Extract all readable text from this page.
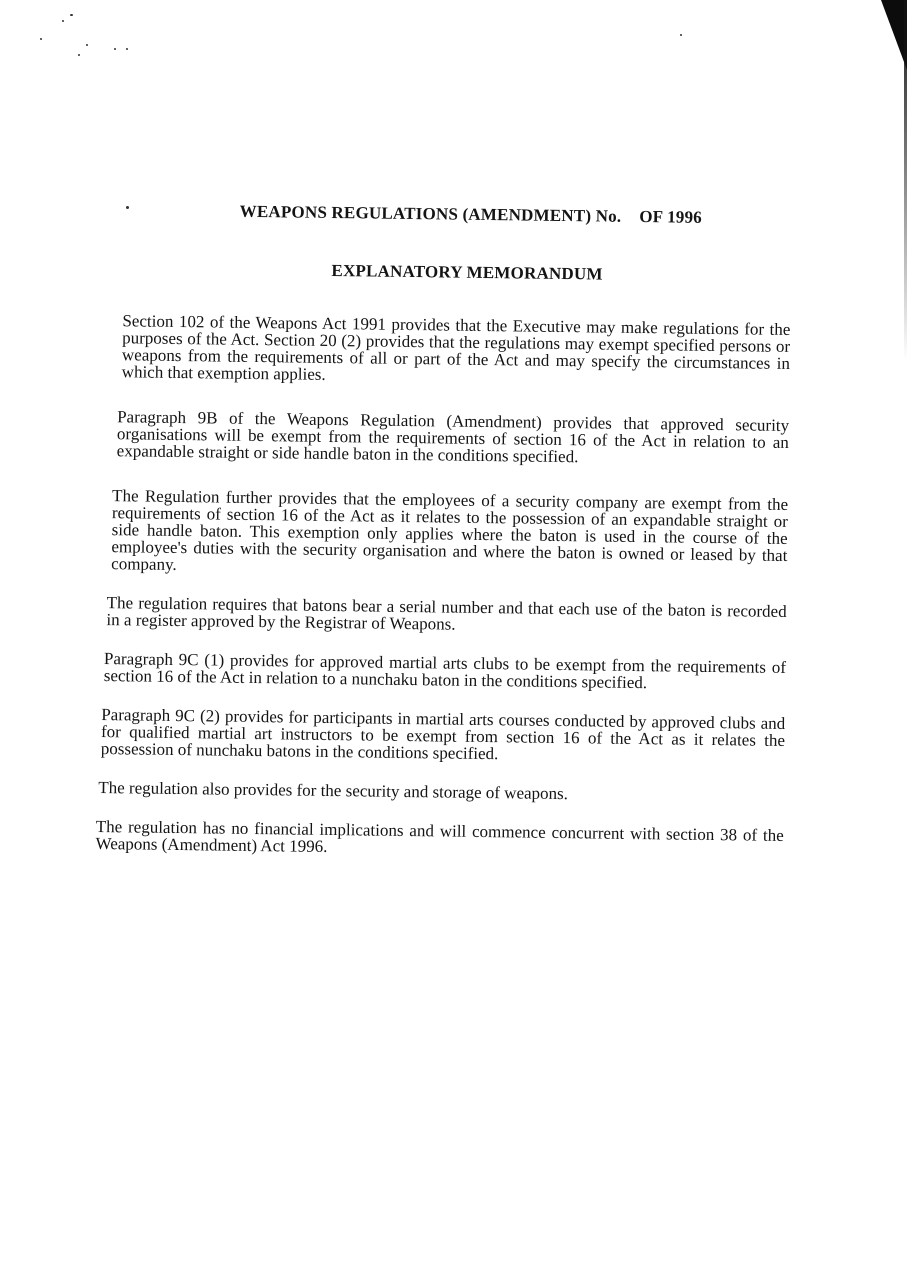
WEAPONS REGULATIONS (AMENDMENT) No. OF 1996
EXPLANATORY MEMORANDUM

Section 102 of the Weapons Act 1991 provides that the Executive may make regulations for the purposes of the Act. Section 20 (2) provides that the regulations may exempt specified persons or weapons from the requirements of all or part of the Act and may specify the circumstances in which that exemption applies.

Paragraph 9B of the Weapons Regulation (Amendment) provides that approved security organisations will be exempt from the requirements of section 16 of the Act in relation to an expandable straight or side handle baton in the conditions specified.

The Regulation further provides that the employees of a security company are exempt from the requirements of section 16 of the Act as it relates to the possession of an expandable straight or side handle baton. This exemption only applies where the baton is used in the course of the employee's duties with the security organisation and where the baton is owned or leased by that company.

The regulation requires that batons bear a serial number and that each use of the baton is recorded in a register approved by the Registrar of Weapons.

Paragraph 9C (1) provides for approved martial arts clubs to be exempt from the requirements of section 16 of the Act in relation to a nunchaku baton in the conditions specified.

Paragraph 9C (2) provides for participants in martial arts courses conducted by approved clubs and for qualified martial art instructors to be exempt from section 16 of the Act as it relates the possession of nunchaku batons in the conditions specified.

The regulation also provides for the security and storage of weapons.

The regulation has no financial implications and will commence concurrent with section 38 of the Weapons (Amendment) Act 1996.
